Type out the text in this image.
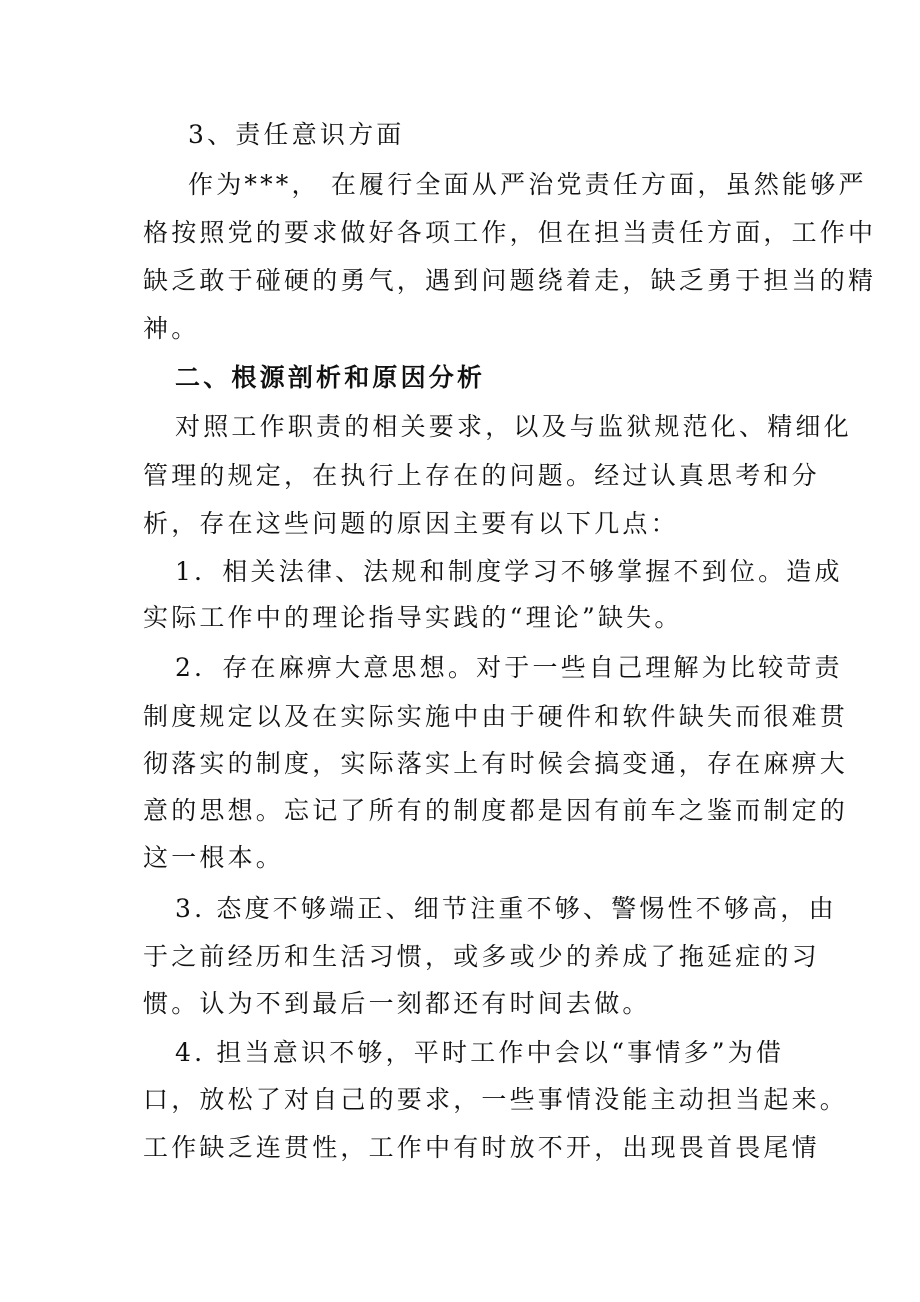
3、责任意识方面
作为***， 在履行全面从严治党责任方面，虽然能够严
格按照党的要求做好各项工作，但在担当责任方面，工作中
缺乏敢于碰硬的勇气，遇到问题绕着走，缺乏勇于担当的精
神。
二、根源剖析和原因分析
对照工作职责的相关要求，以及与监狱规范化、精细化
管理的规定，在执行上存在的问题。经过认真思考和分
析，存在这些问题的原因主要有以下几点：
1．相关法律、法规和制度学习不够掌握不到位。造成
实际工作中的理论指导实践的“理论”缺失。
2．存在麻痹大意思想。对于一些自己理解为比较苛责
制度规定以及在实际实施中由于硬件和软件缺失而很难贯
彻落实的制度，实际落实上有时候会搞变通，存在麻痹大
意的思想。忘记了所有的制度都是因有前车之鉴而制定的
这一根本。
3. 态度不够端正、细节注重不够、警惕性不够高，由
于之前经历和生活习惯，或多或少的养成了拖延症的习
惯。认为不到最后一刻都还有时间去做。
4. 担当意识不够，平时工作中会以“事情多”为借
口，放松了对自己的要求，一些事情没能主动担当起来。
工作缺乏连贯性，工作中有时放不开，出现畏首畏尾情
